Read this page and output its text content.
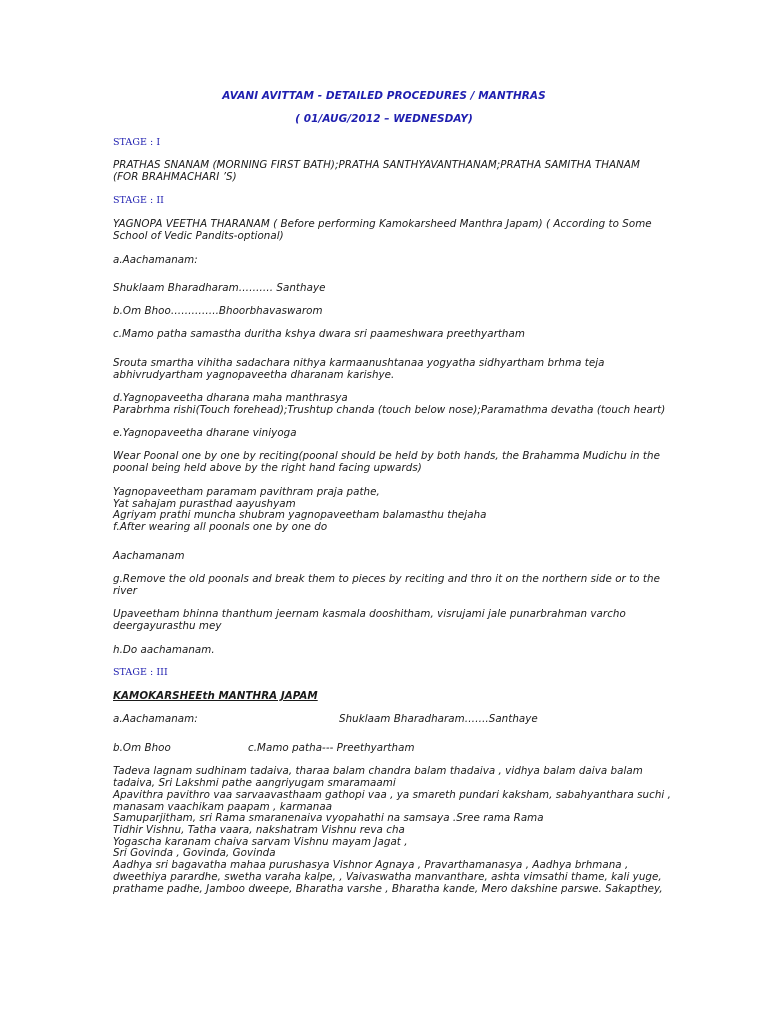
AVANI AVITTAM - DETAILED PROCEDURES / MANTHRAS
( 01/AUG/2012 – WEDNESDAY)
STAGE : I
PRATHAS SNANAM (MORNING FIRST BATH);PRATHA SANTHYAVANTHANAM;PRATHA SAMITHA THANAM
(FOR BRAHMACHARI ’S)
STAGE : II
YAGNOPA VEETHA THARANAM ( Before performing Kamokarsheed Manthra Japam) ( According to Some
School of Vedic Pandits-optional)
a.Aachamanam:
Shuklaam Bharadharam………. Santhaye
b.Om Bhoo…………..Bhoorbhavaswarom
c.Mamo patha samastha duritha kshya dwara sri paameshwara preethyartham
Srouta smartha vihitha sadachara nithya karmaanushtanaa yogyatha sidhyartham brhma teja
abhivrudyartham yagnopaveetha dharanam karishye.
d.Yagnopaveetha dharana maha manthrasya
Parabrhma rishi(Touch forehead);Trushtup chanda (touch below nose);Paramathma devatha (touch heart)
e.Yagnopaveetha dharane viniyoga
Wear Poonal one by one by reciting(poonal should be held by both hands, the Brahamma Mudichu in the
poonal being held above by the right hand facing upwards)
Yagnopaveetham paramam pavithram praja pathe,
Yat sahajam purasthad aayushyam
Agriyam prathi muncha shubram yagnopaveetham balamasthu thejaha
f.After wearing all poonals one by one do
Aachamanam
g.Remove the old poonals and break them to pieces by reciting and thro it on the northern side or to the
river
Upaveetham bhinna thanthum jeernam kasmala dooshitham, visrujami jale punarbrahman varcho
deergayurasthu mey
h.Do aachamanam.
STAGE : III
KAMOKARSHEEth MANTHRA JAPAM
a.Aachamanam:	Shuklaam Bharadharam…….Santhaye
b.Om Bhoo	c.Mamo patha--- Preethyartham
Tadeva lagnam sudhinam tadaiva, tharaa balam chandra balam thadaiva , vidhya balam daiva balam
tadaiva, Sri Lakshmi pathe aangriyugam smaramaami
Apavithra pavithro vaa sarvaavasthaam gathopi vaa , ya smareth pundari kaksham, sabahyanthara suchi ,
manasam vaachikam paapam , karmanaa
Samuparjitham, sri Rama smaranenaiva vyopahathi na samsaya .Sree rama Rama
Tidhir Vishnu, Tatha vaara, nakshatram Vishnu reva cha
Yogascha karanam chaiva sarvam Vishnu mayam Jagat ,
Sri Govinda , Govinda, Govinda
Aadhya sri bagavatha mahaa purushasya Vishnor Agnaya , Pravarthamanasya , Aadhya brhmana ,
dweethiya parardhe, swetha varaha kalpe, , Vaivaswatha manvanthare, ashta vimsathi thame, kali yuge,
prathame padhe, Jamboo dweepe, Bharatha varshe , Bharatha kande, Mero dakshine parswe. Sakapthey,
